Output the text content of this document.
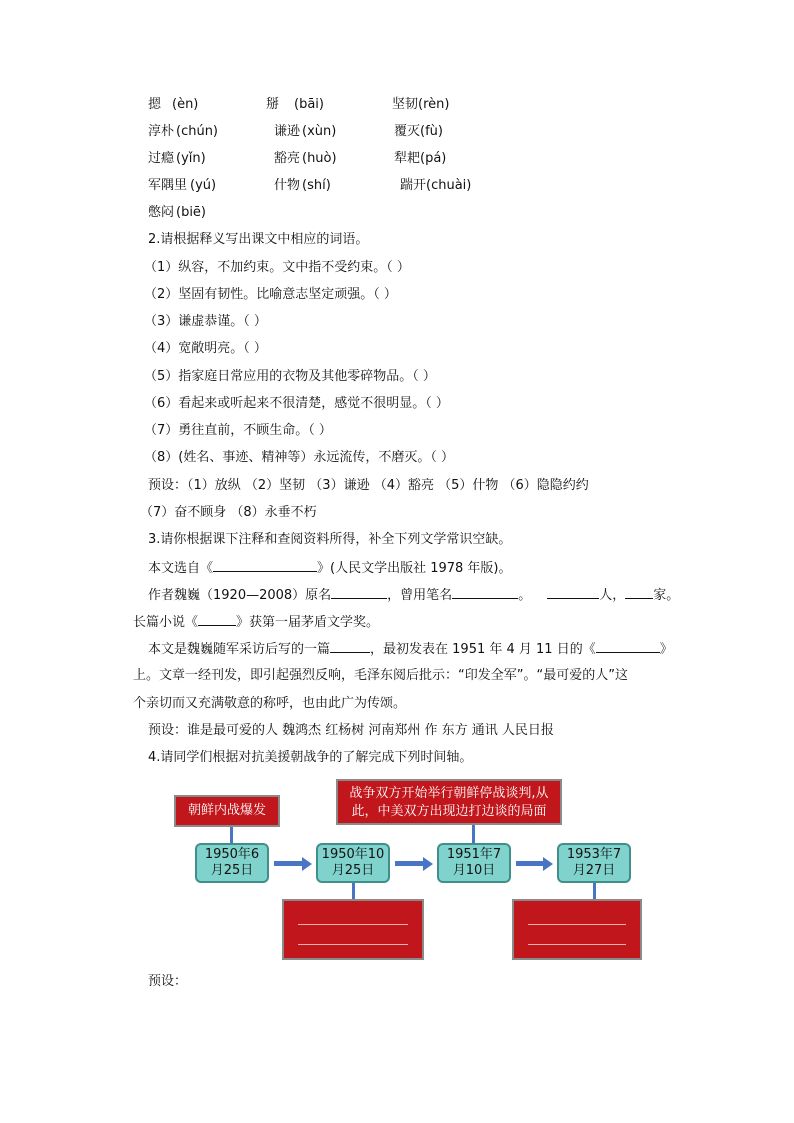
摁 (èn)	掰 (bāi)	坚韧(rèn)
淳朴 (chún)	谦逊 (xùn)	覆灭(fù)
过瘾 (yǐn)	豁亮 (huò)	犁耙(pá)
军隅里 (yú)	什物 (shí)	踹开(chuài)
憋闷 (biē)
2.请根据释义写出课文中相应的词语。
（1）纵容，不加约束。文中指不受约束。（ ）
（2）坚固有韧性。比喻意志坚定顽强。（ ）
（3）谦虚恭谨。（ ）
（4）宽敞明亮。（ ）
（5）指家庭日常应用的衣物及其他零碎物品。（ ）
（6）看起来或听起来不很清楚，感觉不很明显。（ ）
（7）勇往直前，不顾生命。（ ）
（8）(姓名、事迹、精神等）永远流传，不磨灭。（ ）
预设：（1）放纵 （2）坚韧 （3）谦逊 （4）豁亮 （5）什物 （6）隐隐约约
（7）奋不顾身 （8）永垂不朽
3.请你根据课下注释和查阅资料所得，补全下列文学常识空缺。
本文选自《	》(人民文学出版社 1978 年版)。
作者魏巍（1920—2008）原名	，曾用笔名	。	人， 家。
长篇小说《	》获第一届茅盾文学奖。
本文是魏巍随军采访后写的一篇	，最初发表在 1951 年 4 月 11 日的《	》
上。文章一经刊发，即引起强烈反响，毛泽东阅后批示：“印发全军”。“最可爱的人”这
个亲切而又充满敬意的称呼，也由此广为传颂。
预设：谁是最可爱的人 魏鸿杰 红杨树 河南郑州 作 东方 通讯 人民日报
4.请同学们根据对抗美援朝战争的了解完成下列时间轴。
朝鲜内战爆发
战争双方开始举行朝鲜停战谈判,从
此，中美双方出现边打边谈的局面
1950年6
月25日
1950年10
月25日
1951年7
月10日
1953年7
月27日
预设：
